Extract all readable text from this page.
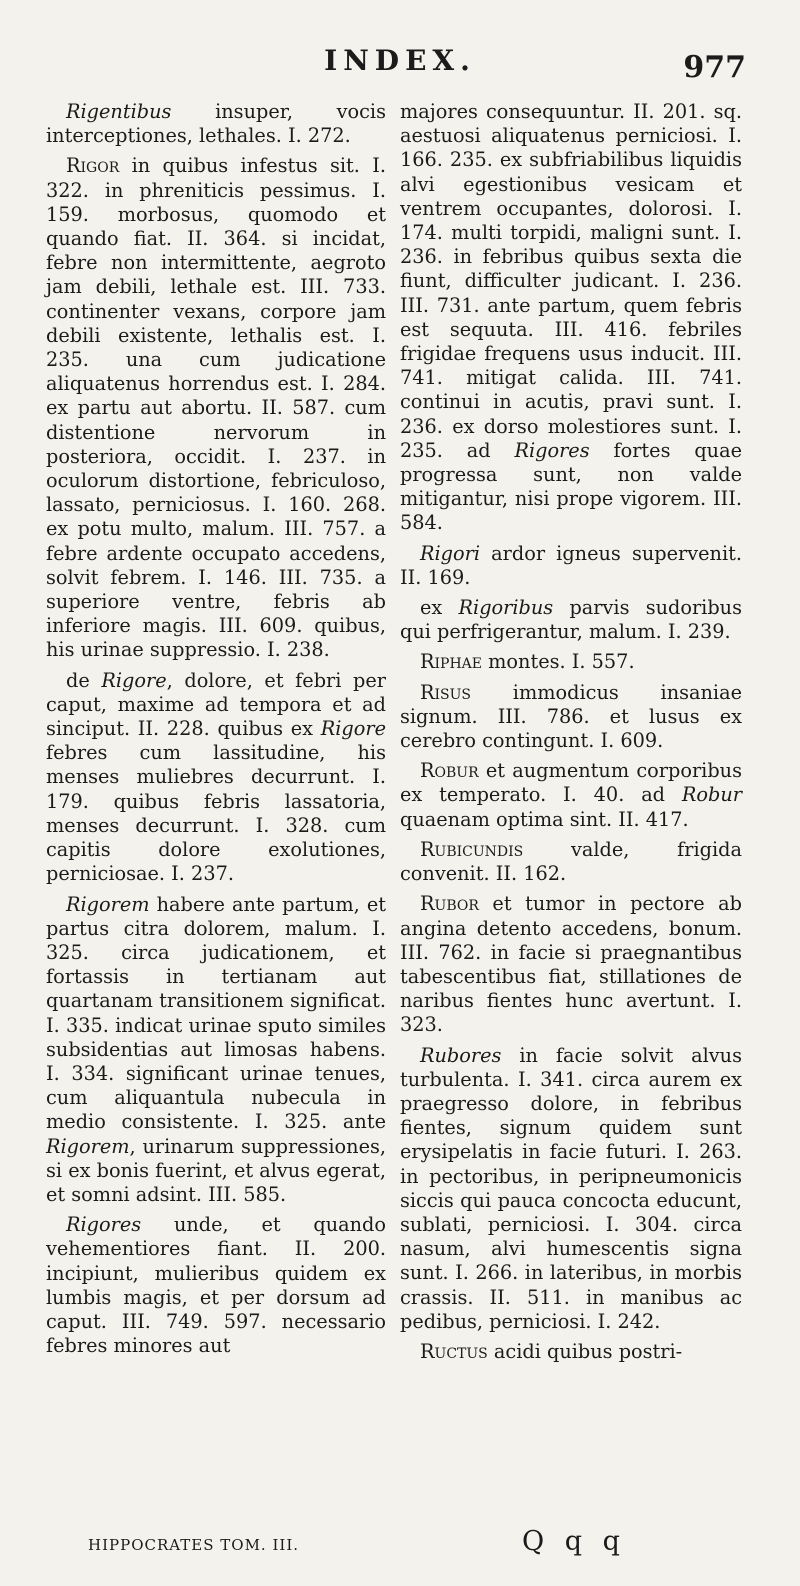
INDEX.	977

Rigentibus insuper, vocis interceptiones, lethales. I. 272.

Rigor in quibus infestus sit. I. 322. in phreniticis pessimus. I. 159. morbosus, quomodo et quando fiat. II. 364. si incidat, febre non intermittente, aegroto jam debili, lethale est. III. 733. continenter vexans, corpore jam debili existente, lethalis est. I. 235. una cum judicatione aliquatenus horrendus est. I. 284. ex partu aut abortu. II. 587. cum distentione nervorum in posteriora, occidit. I. 237. in oculorum distortione, febriculoso, lassato, perniciosus. I. 160. 268. ex potu multo, malum. III. 757. a febre ardente occupato accedens, solvit febrem. I. 146. III. 735. a superiore ventre, febris ab inferiore magis. III. 609. quibus, his urinae suppressio. I. 238.

de Rigore, dolore, et febri per caput, maxime ad tempora et ad sinciput. II. 228. quibus ex Rigore febres cum lassitudine, his menses muliebres decurrunt. I. 179. quibus febris lassatoria, menses decurrunt. I. 328. cum capitis dolore exolutiones, perniciosae. I. 237.

Rigorem habere ante partum, et partus citra dolorem, malum. I. 325. circa judicationem, et fortassis in tertianam aut quartanam transitionem significat. I. 335. indicat urinae sputo similes subsidentias aut limosas habens. I. 334. significant urinae tenues, cum aliquantula nubecula in medio consistente. I. 325. ante Rigorem, urinarum suppressiones, si ex bonis fuerint, et alvus egerat, et somni adsint. III. 585.

Rigores unde, et quando vehementiores fiant. II. 200. incipiunt, mulieribus quidem ex lumbis magis, et per dorsum ad caput. III. 749. 597. necessario febres minores aut

majores consequuntur. II. 201. sq. aestuosi aliquatenus perniciosi. I. 166. 235. ex subfriabilibus liquidis alvi egestionibus vesicam et ventrem occupantes, dolorosi. I. 174. multi torpidi, maligni sunt. I. 236. in febribus quibus sexta die fiunt, difficulter judicant. I. 236. III. 731. ante partum, quem febris est sequuta. III. 416. febriles frigidae frequens usus inducit. III. 741. mitigat calida. III. 741. continui in acutis, pravi sunt. I. 236. ex dorso molestiores sunt. I. 235. ad Rigores fortes quae progressa sunt, non valde mitigantur, nisi prope vigorem. III. 584.

Rigori ardor igneus supervenit. II. 169.

ex Rigoribus parvis sudoribus qui perfrigerantur, malum. I. 239.

Riphae montes. I. 557.

Risus immodicus insaniae signum. III. 786. et lusus ex cerebro contingunt. I. 609.

Robur et augmentum corporibus ex temperato. I. 40. ad Robur quaenam optima sint. II. 417.

Rubicundis valde, frigida convenit. II. 162.

Rubor et tumor in pectore ab angina detento accedens, bonum. III. 762. in facie si praegnantibus tabescentibus fiat, stillationes de naribus fientes hunc avertunt. I. 323.

Rubores in facie solvit alvus turbulenta. I. 341. circa aurem ex praegresso dolore, in febribus fientes, signum quidem sunt erysipelatis in facie futuri. I. 263. in pectoribus, in peripneumonicis siccis qui pauca concocta educunt, sublati, perniciosi. I. 304. circa nasum, alvi humescentis signa sunt. I. 266. in lateribus, in morbis crassis. II. 511. in manibus ac pedibus, perniciosi. I. 242.

Ructus acidi quibus postri-

HIPPOCRATES TOM. III.	Q q q
